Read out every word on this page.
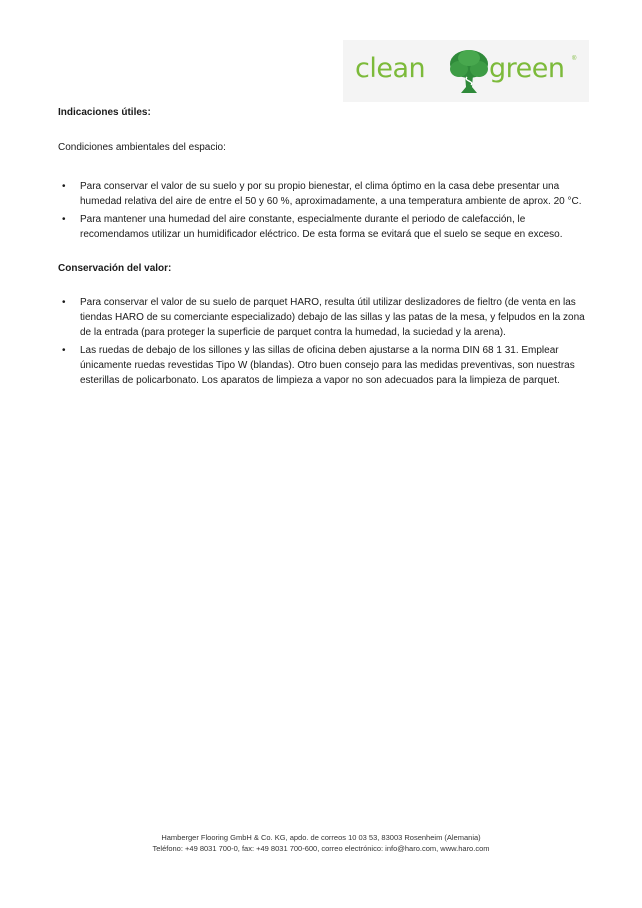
clean green ®

Indicaciones útiles:

Condiciones ambientales del espacio:

• Para conservar el valor de su suelo y por su propio bienestar, el clima óptimo en la casa debe presentar una humedad relativa del aire de entre el 50 y 60 %, aproximadamente, a una temperatura ambiente de aprox. 20 °C.
• Para mantener una humedad del aire constante, especialmente durante el periodo de calefacción, le recomendamos utilizar un humidificador eléctrico. De esta forma se evitará que el suelo se seque en exceso.

Conservación del valor:

• Para conservar el valor de su suelo de parquet HARO, resulta útil utilizar deslizadores de fieltro (de venta en las tiendas HARO de su comerciante especializado) debajo de las sillas y las patas de la mesa, y felpudos en la zona de la entrada (para proteger la superficie de parquet contra la humedad, la suciedad y la arena).
• Las ruedas de debajo de los sillones y las sillas de oficina deben ajustarse a la norma DIN 68 1 31. Emplear únicamente ruedas revestidas Tipo W (blandas). Otro buen consejo para las medidas preventivas, son nuestras esterillas de policarbonato. Los aparatos de limpieza a vapor no son adecuados para la limpieza de parquet.
Hamberger Flooring GmbH & Co. KG, apdo. de correos 10 03 53, 83003 Rosenheim (Alemania)
Teléfono: +49 8031 700-0, fax: +49 8031 700-600, correo electrónico: info@haro.com, www.haro.com
